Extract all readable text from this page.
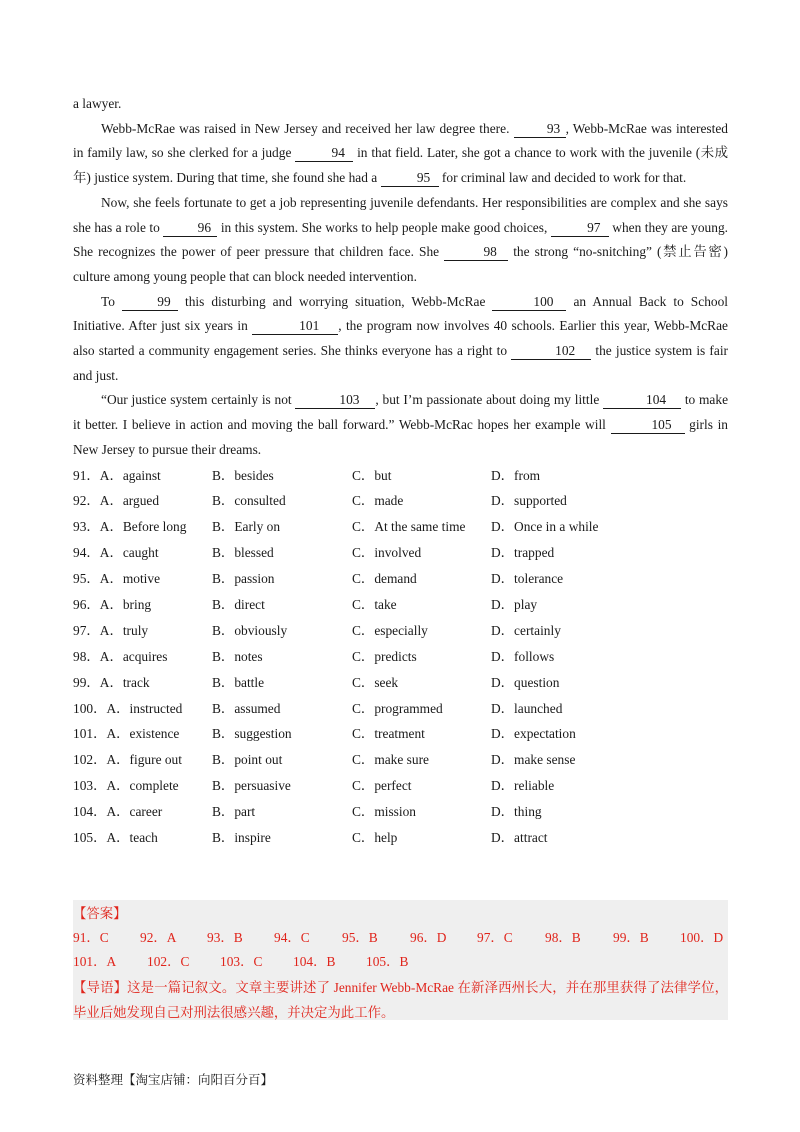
a lawyer.

Webb-McRae was raised in New Jersey and received her law degree there. 93 , Webb-McRae was interested in family law, so she clerked for a judge	94 in that field. Later, she got a chance to work with the juvenile (未成年) justice system. During that time, she found she had a	95 for criminal law and decided to work for that.

Now, she feels fortunate to get a job representing juvenile defendants. Her responsibilities are complex and she says she has a role to	96 in this system. She works to help people make good choices,	97 when they are young. She recognizes the power of peer pressure that children face. She	98 the strong “no-snitching” (禁止告密) culture among young people that can block needed intervention.

To	99 this disturbing and worrying situation, Webb-McRae	100 an Annual Back to School Initiative. After just six years in	101 , the program now involves 40 schools. Earlier this year, Webb-McRae also started a community engagement series. She thinks everyone has a right to	102 the justice system is fair and just.

“Our justice system certainly is not	103 , but I’m passionate about doing my little	104 to make it better. I believe in action and moving the ball forward.” Webb-McRac hopes her example will	105 girls in New Jersey to pursue their dreams.

91．A．against	B．besides	C．but	D．from
92．A．argued	B．consulted	C．made	D．supported
93．A．Before long B．Early on	C．At the same time D．Once in a while
94．A．caught	B．blessed	C．involved	D．trapped
95．A．motive	B．passion	C．demand	D．tolerance
96．A．bring	B．direct	C．take	D．play
97．A．truly	B．obviously	C．especially	D．certainly
98．A．acquires	B．notes	C．predicts	D．follows
99．A．track	B．battle	C．seek	D．question
100．A．instructed B．assumed	C．programmed	D．launched
101．A．existence B．suggestion	C．treatment	D．expectation
102．A．figure out B．point out	C．make sure	D．make sense
103．A．complete B．persuasive	C．perfect	D．reliable
104．A．career	B．part	C．mission	D．thing
105．A．teach	B．inspire	C．help	D．attract
【答案】
91．C 92．A 93．B 94．C 95．B 96．D 97．C 98．B 99．B 100．D
101．A 102．C 103．C 104．B 105．B
【导语】这是一篇记叙文。文章主要讲述了 Jennifer Webb-McRae 在新泽西州长大，并在那里获得了法律学位，毕业后她发现自己对刑法很感兴趣，并决定为此工作。
资料整理【淘宝店铺：向阳百分百】
